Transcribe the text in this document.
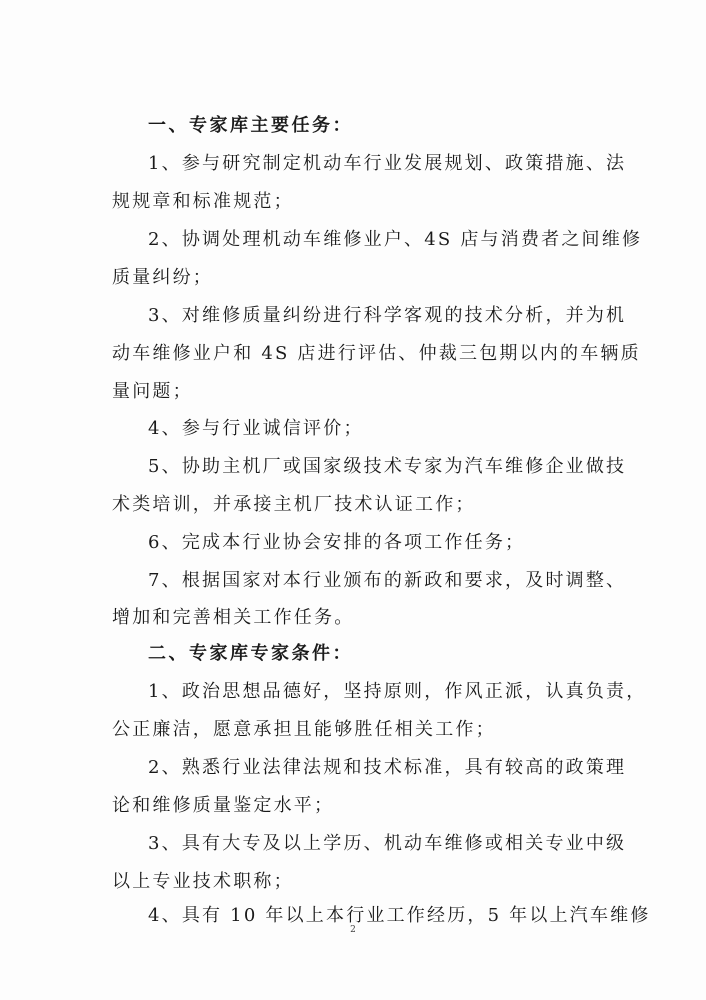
一、专家库主要任务：
1、参与研究制定机动车行业发展规划、政策措施、法
规规章和标准规范；
2、协调处理机动车维修业户、4S 店与消费者之间维修
质量纠纷；
3、对维修质量纠纷进行科学客观的技术分析，并为机
动车维修业户和 4S 店进行评估、仲裁三包期以内的车辆质
量问题；
4、参与行业诚信评价；
5、协助主机厂或国家级技术专家为汽车维修企业做技
术类培训，并承接主机厂技术认证工作；
6、完成本行业协会安排的各项工作任务；
7、根据国家对本行业颁布的新政和要求，及时调整、
增加和完善相关工作任务。
二、专家库专家条件：
1、政治思想品德好，坚持原则，作风正派，认真负责，
公正廉洁，愿意承担且能够胜任相关工作；
2、熟悉行业法律法规和技术标准，具有较高的政策理
论和维修质量鉴定水平；
3、具有大专及以上学历、机动车维修或相关专业中级
以上专业技术职称；
4、具有 10 年以上本行业工作经历，5 年以上汽车维修
2
